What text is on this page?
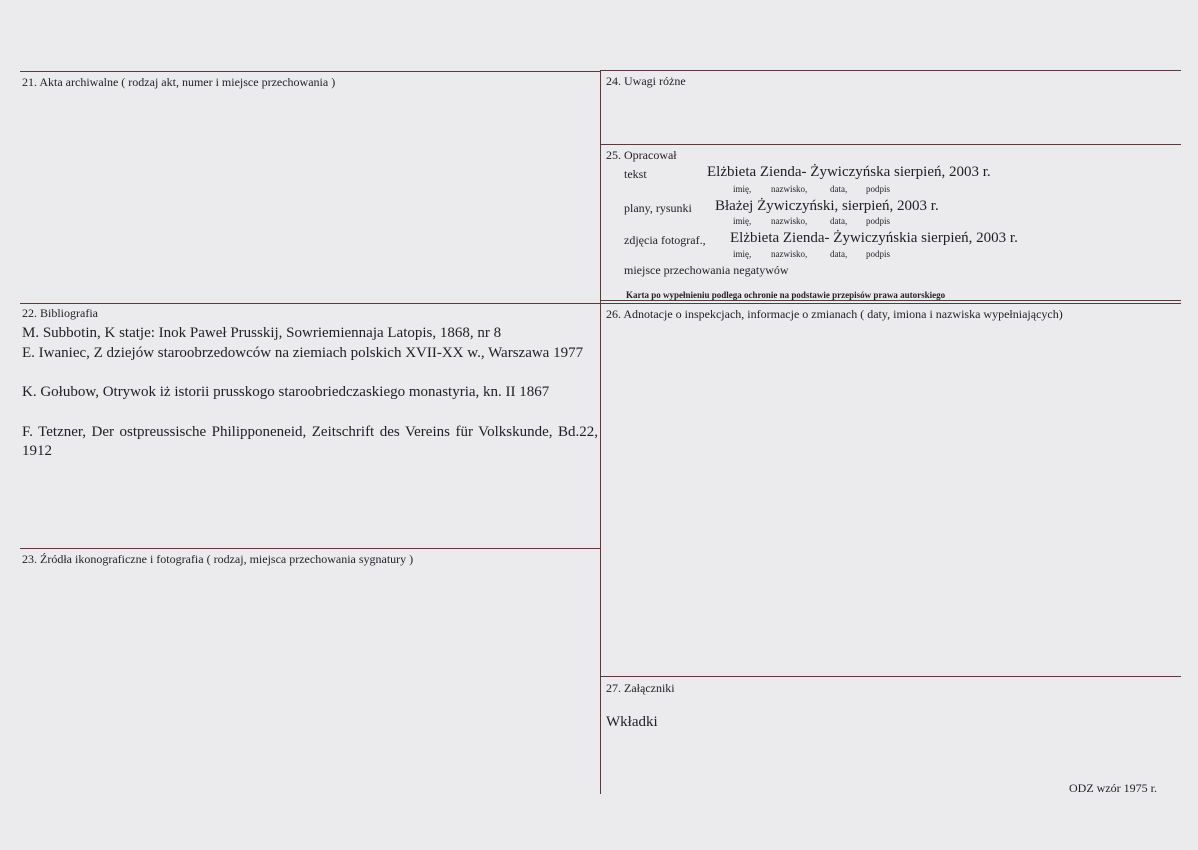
21. Akta archiwalne ( rodzaj akt, numer i miejsce przechowania )
22. Bibliografia
M. Subbotin, K statje: Inok Paweł Prusskij, Sowriemiennaja Latopis, 1868, nr 8
E. Iwaniec, Z dziejów staroobrzedowców na ziemiach polskich XVII-XX w., Warszawa 1977
K. Gołubow, Otrywok iż istorii prusskogo staroobriedczaskiego monastyria, kn. II 1867
F. Tetzner, Der ostpreussische Philipponeneid, Zeitschrift des Vereins für Volkskunde, Bd.22, 1912
23. Źródła ikonograficzne i fotografia ( rodzaj, miejsca przechowania sygnatury )
24. Uwagi różne
25. Opracował
tekst	Elżbieta Zienda- Żywiczyńska sierpień, 2003 r.
imię, nazwisko,	data, podpis
plany, rysunki Błażej Żywiczyński, sierpień, 2003 r.
imię, nazwisko,	data, podpis
zdjęcia fotograf., Elżbieta Zienda- Żywiczyńskia sierpień, 2003 r.
imię, nazwisko,	data, podpis
miejsce przechowania negatywów
Karta po wypełnieniu podlega ochronie na podstawie przepisów prawa autorskiego
26. Adnotacje o inspekcjach, informacje o zmianach ( daty, imiona i nazwiska wypełniających)
27. Załączniki
Wkładki
ODZ wzór 1975 r.
